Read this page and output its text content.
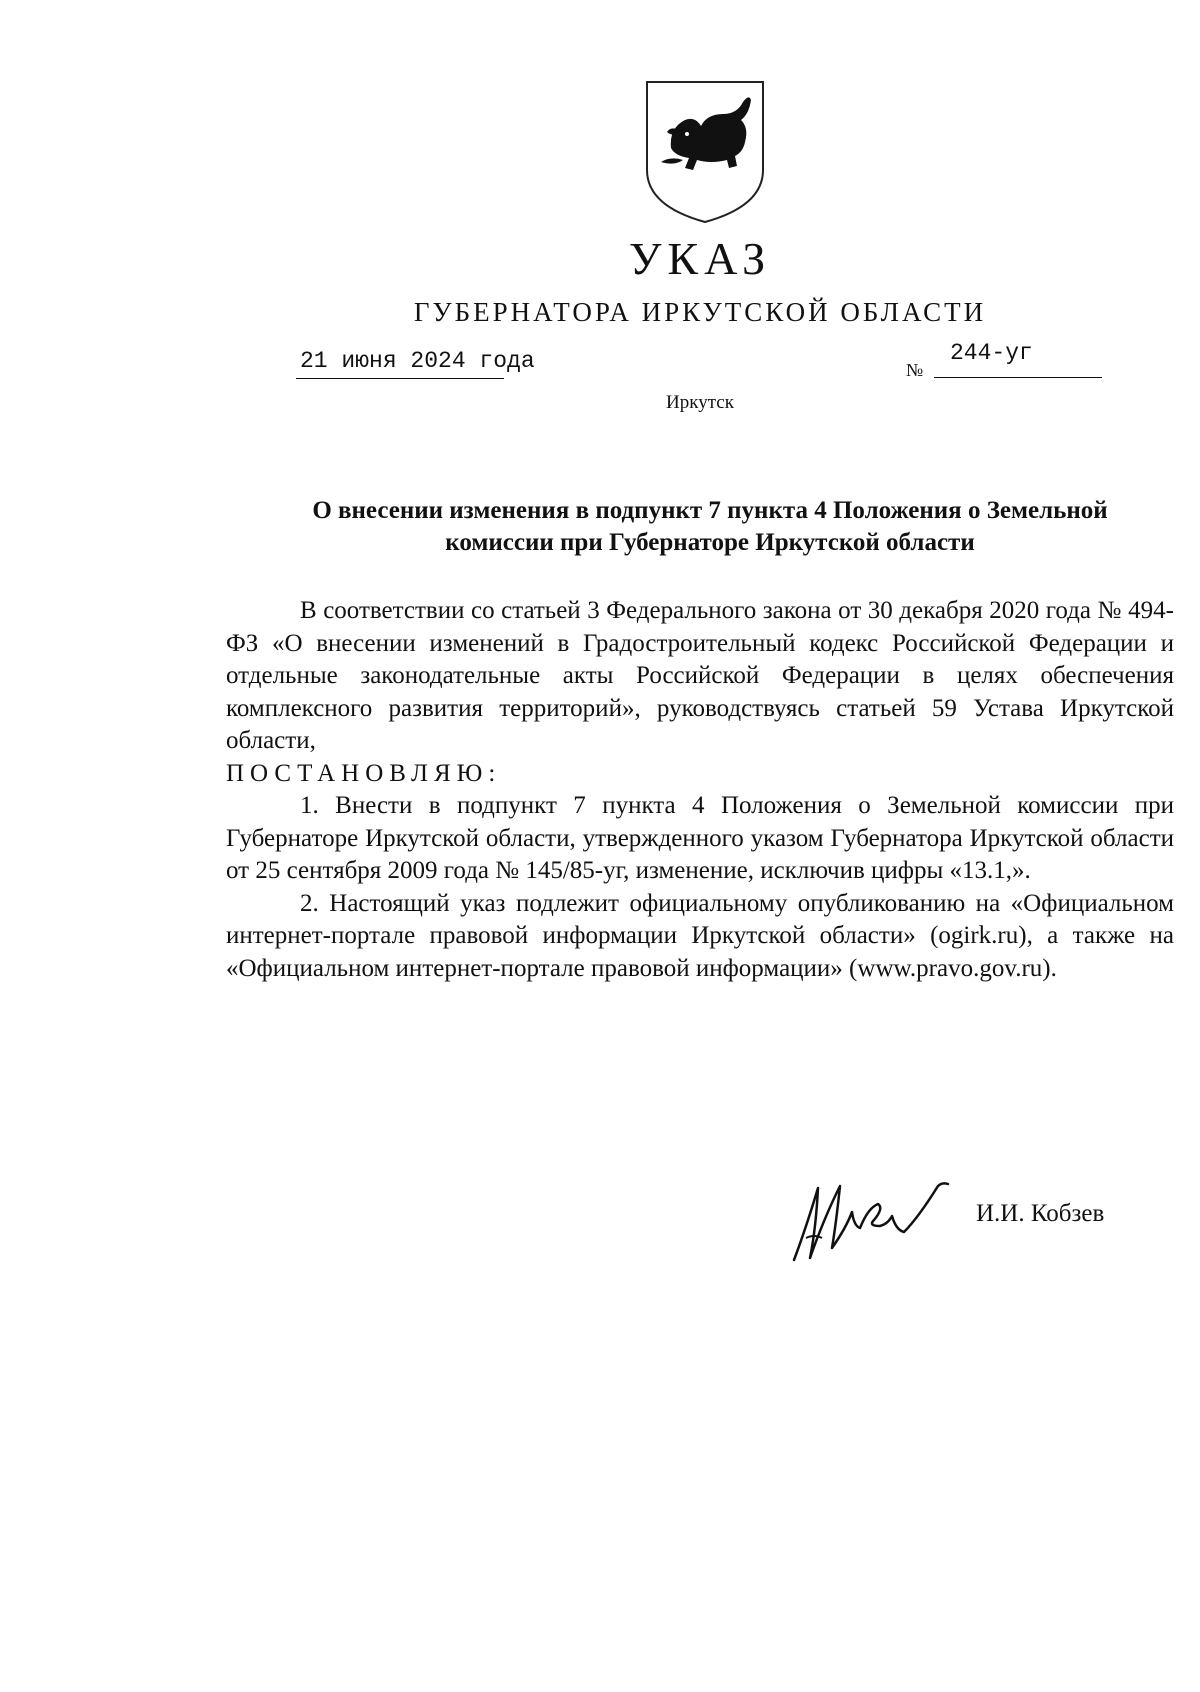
УКАЗ
ГУБЕРНАТОРА ИРКУТСКОЙ ОБЛАСТИ
21 июня 2024 года	№
244-уг
Иркутск
О внесении изменения в подпункт 7 пункта 4 Положения о Земельной
комиссии при Губернаторе Иркутской области

В соответствии со статьей 3 Федерального закона от 30 декабря 2020 года № 494-ФЗ «О внесении изменений в Градостроительный кодекс Российской Федерации и отдельные законодательные акты Российской Федерации в целях обеспечения комплексного развития территорий», руководствуясь статьей 59 Устава Иркутской области,

ПОСТАНОВЛЯЮ:

1. Внести в подпункт 7 пункта 4 Положения о Земельной комиссии при Губернаторе Иркутской области, утвержденного указом Губернатора Иркутской области от 25 сентября 2009 года № 145/85-уг, изменение, исключив цифры «13.1,».

2. Настоящий указ подлежит официальному опубликованию на «Официальном интернет-портале правовой информации Иркутской области» (ogirk.ru), а также на «Официальном интернет-портале правовой информации» (www.pravo.gov.ru).

И.И. Кобзев
